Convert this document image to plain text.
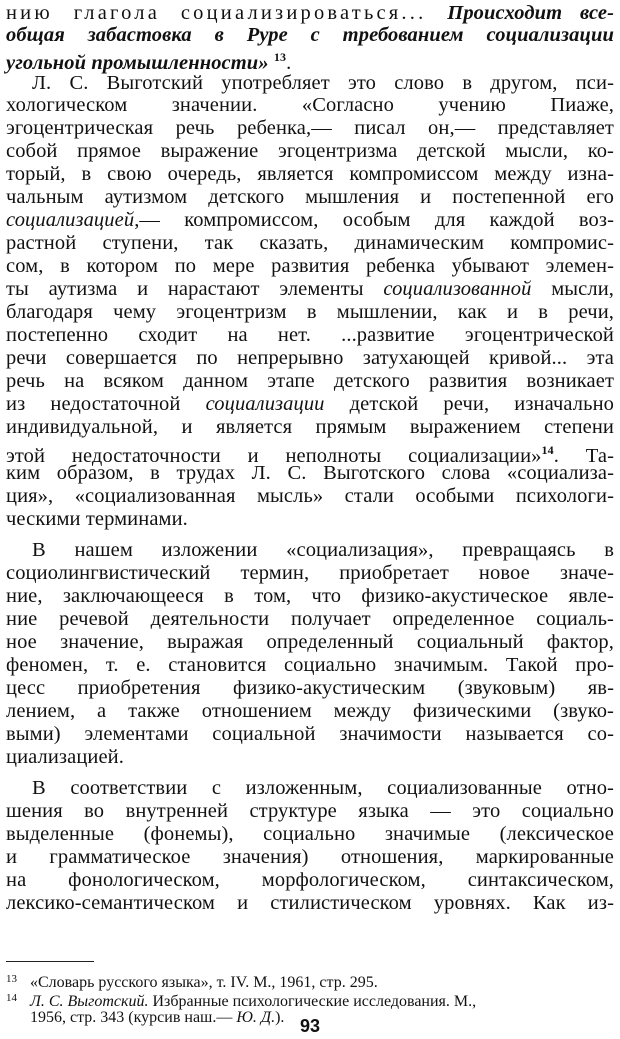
нию глагола социализироваться... Происходит все-
общая забастовка в Руре с требованием социализации
угольной промышленности» $^{13}$.
Л. С. Выготский употребляет это слово в другом, пси-
хологическом значении. «Согласно учению Пиаже,
эгоцентрическая речь ребенка,— писал он,— представляет
собой прямое выражение эгоцентризма детской мысли, ко-
торый, в свою очередь, является компромиссом между изна-
чальным аутизмом детского мышления и постепенной его
социализацией,— компромиссом, особым для каждой воз-
растной ступени, так сказать, динамическим компромис-
сом, в котором по мере развития ребенка убывают элемен-
ты аутизма и нарастают элементы социализованной мысли,
благодаря чему эгоцентризм в мышлении, как и в речи,
постепенно сходит на нет. ...развитие эгоцентрической
речи совершается по непрерывно затухающей кривой... эта
речь на всяком данном этапе детского развития возникает
из недостаточной социализации детской речи, изначально
индивидуальной, и является прямым выражением степени
этой недостаточности и неполноты социализации»$^{14}$. Та-
ким образом, в трудах Л. С. Выготского слова «социализа-
ция», «социализованная мысль» стали особыми психологи-
ческими терминами.
В нашем изложении «социализация», превращаясь в
социолингвистический термин, приобретает новое значе-
ние, заключающееся в том, что физико-акустическое явле-
ние речевой деятельности получает определенное социаль-
ное значение, выражая определенный социальный фактор,
феномен, т. е. становится социально значимым. Такой про-
цесс приобретения физико-акустическим (звуковым) яв-
лением, а также отношением между физическими (звуко-
выми) элементами социальной значимости называется со-
циализацией.
В соответствии с изложенным, социализованные отно-
шения во внутренней структуре языка — это социально
выделенные (фонемы), социально значимые (лексическое
и грамматическое значения) отношения, маркированные
на фонологическом, морфологическом, синтаксическом,
лексико-семантическом и стилистическом уровнях. Как из-
13 «Словарь русского языка», т. IV. М., 1961, стр. 295.
14 Л. С. Выготский. Избранные психологические исследования. М.,
1956, стр. 343 (курсив наш.— Ю. Д.). 93
